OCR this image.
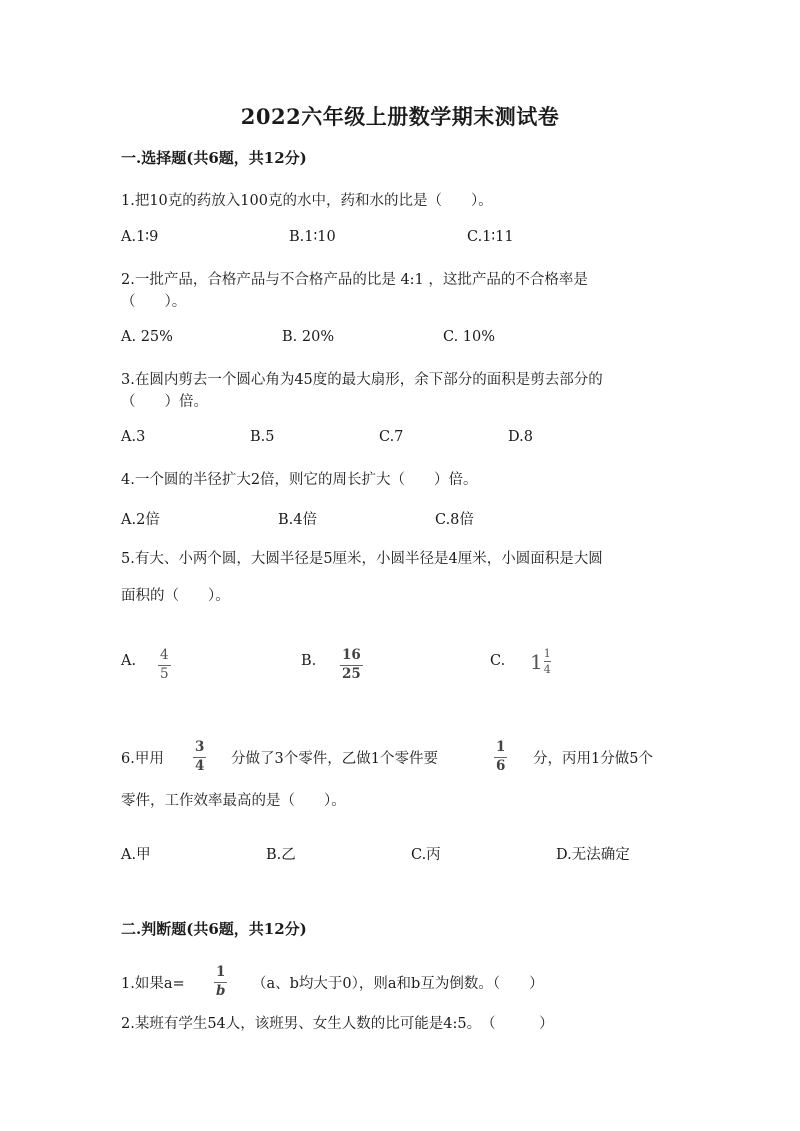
2022六年级上册数学期末测试卷
一.选择题(共6题，共12分)
1.把10克的药放入100克的水中，药和水的比是（　　）。
A.1∶9	B.1∶10	C.1∶11
2.一批产品，合格产品与不合格产品的比是 4:1 ，这批产品的不合格率是
（　　）。
A. 25%	B. 20%	C. 10%
3.在圆内剪去一个圆心角为45度的最大扇形，余下部分的面积是剪去部分的
（　　）倍。
A.3	B.5	C.7	D.8
4.一个圆的半径扩大2倍，则它的周长扩大（　　）倍。
A.2倍	B.4倍	C.8倍
5.有大、小两个圆，大圆半径是5厘米，小圆半径是4厘米，小圆面积是大圆
面积的（　　）。
A. 4
5
B. 16
25
C. $1 \frac{1}{4}$
6.甲用
3
4 分做了3个零件，乙做1个零件要
1
6 分，丙用1分做5个
零件，工作效率最高的是（　　）。
A.甲	B.乙	C.丙	D.无法确定
二.判断题(共6题，共12分)
1.如果a=
1
b （a、b均大于0），则a和b互为倒数。（　　）
2.某班有学生54人，该班男、女生人数的比可能是4:5。　（　　　）
